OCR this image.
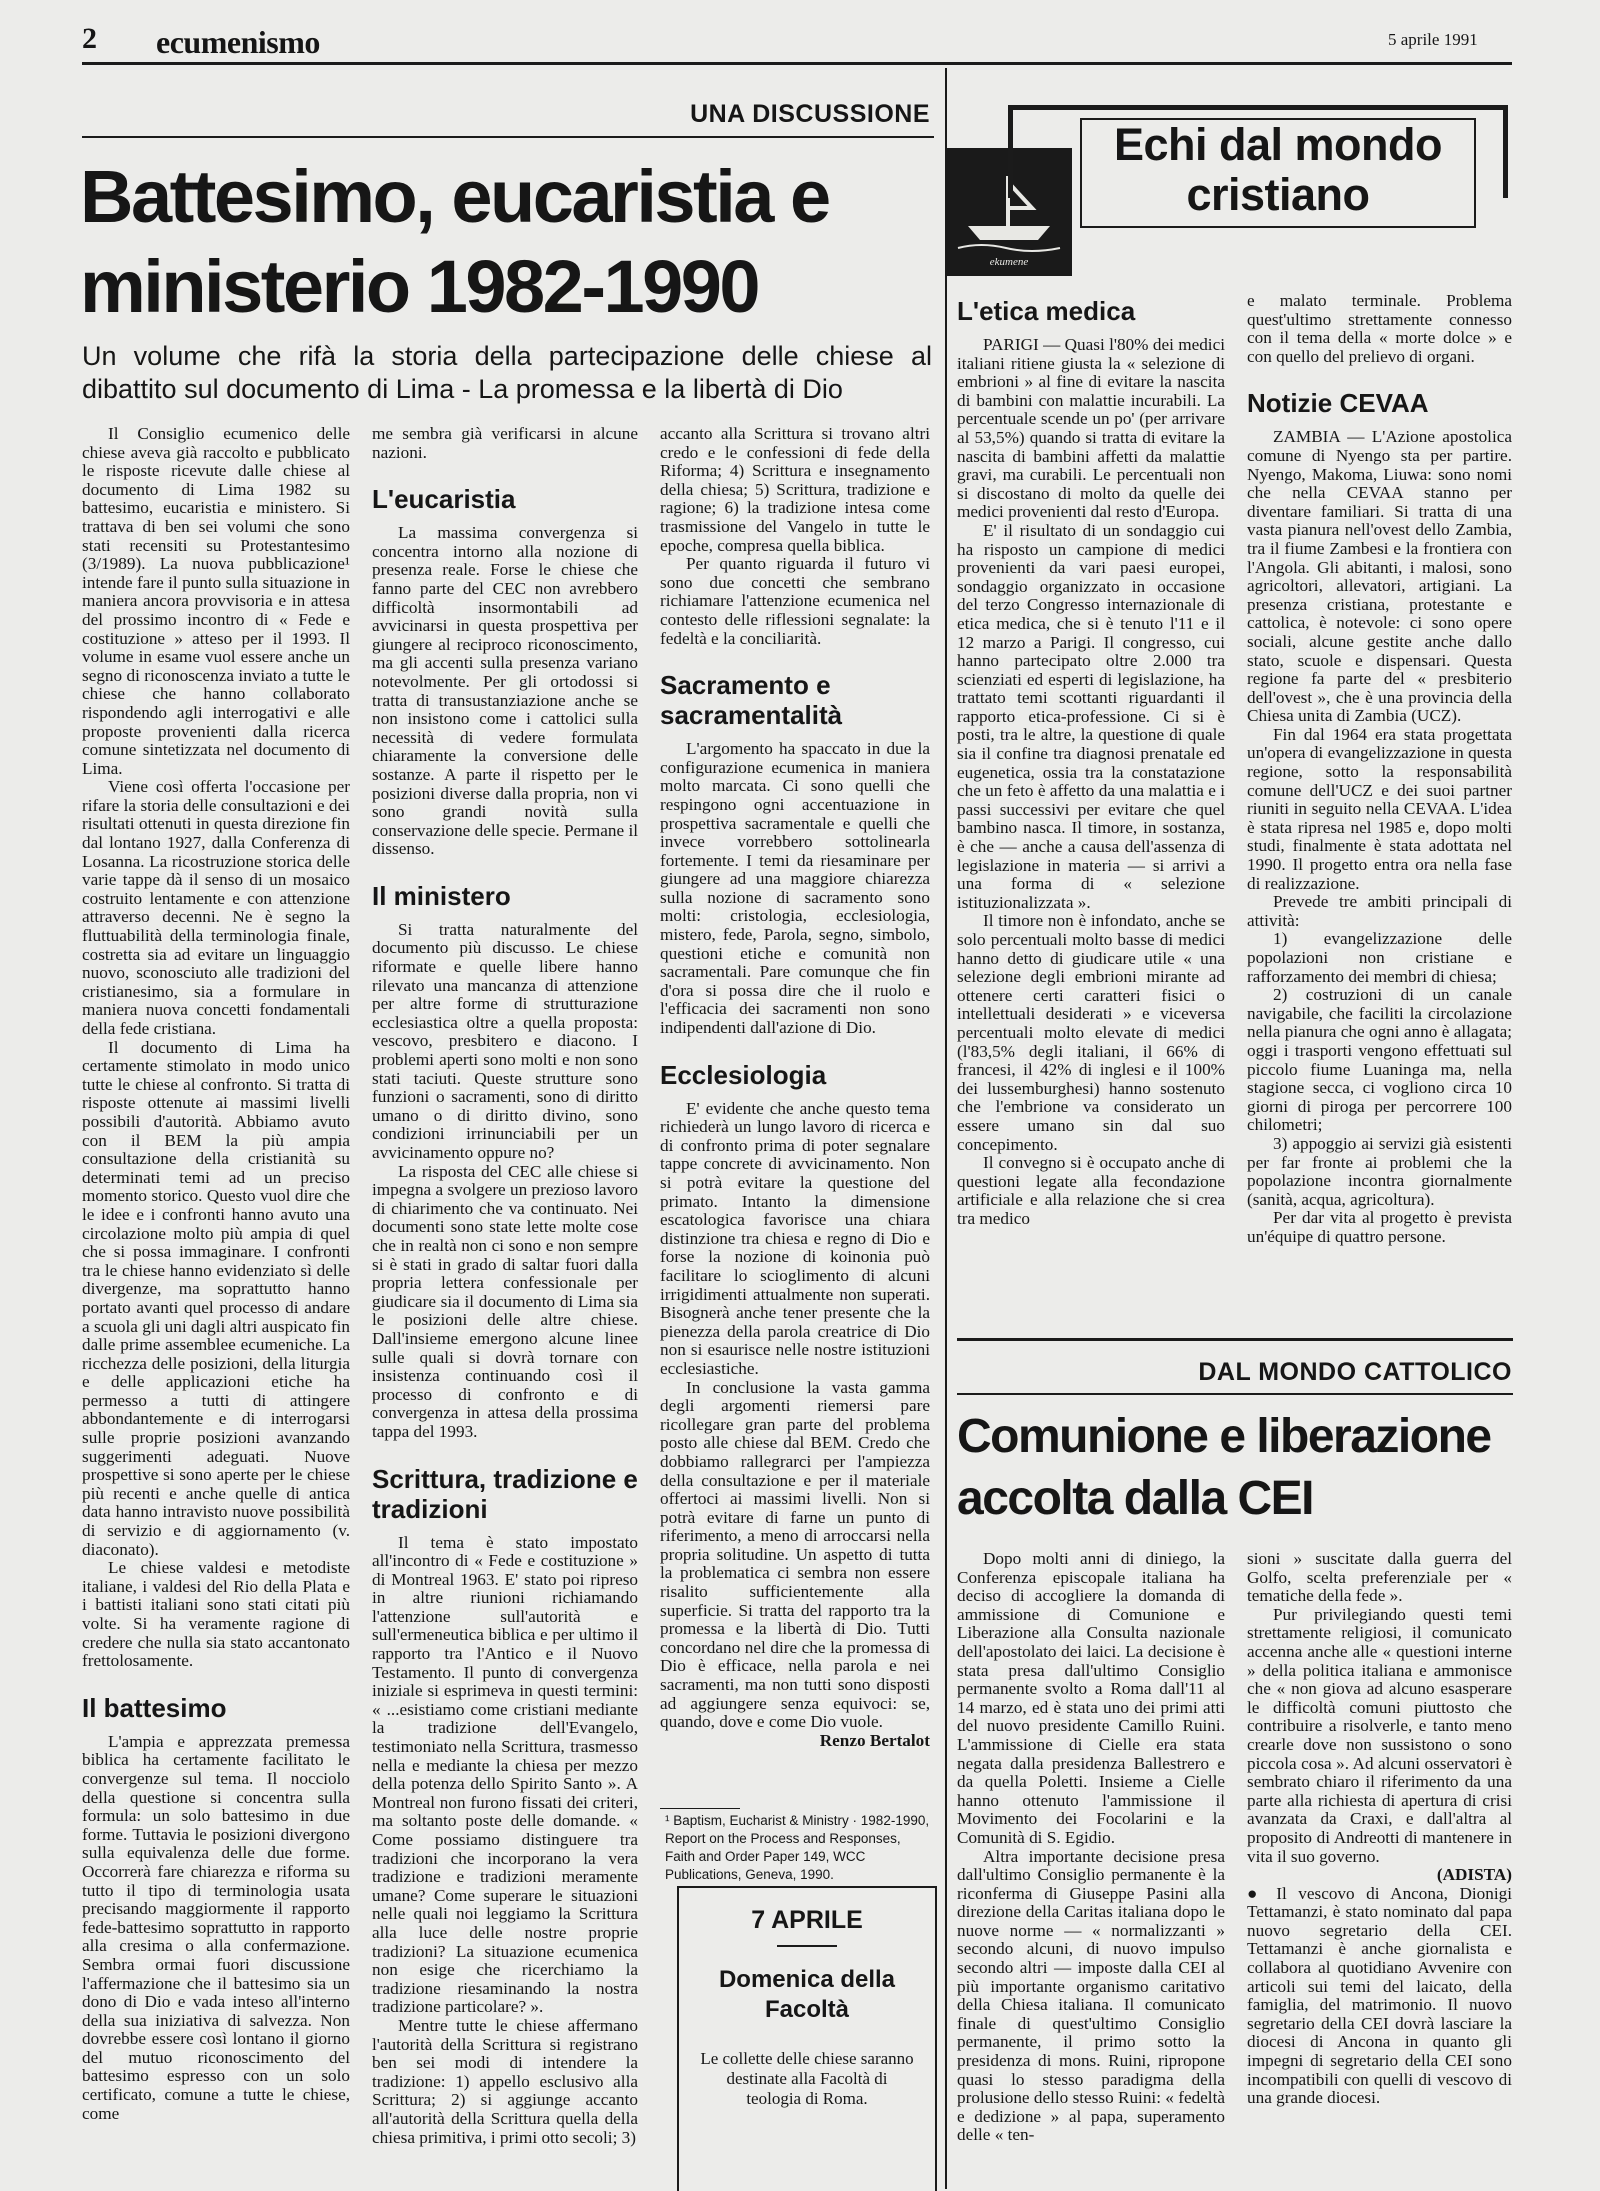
2 ecumenismo	5 aprile 1991
UNA DISCUSSIONE
Battesimo, eucaristia e ministerio 1982-1990
Un volume che rifà la storia della partecipazione delle chiese al dibattito sul documento di Lima - La promessa e la libertà di Dio

Il Consiglio ecumenico delle chiese aveva già raccolto e pubblicato le risposte ricevute dalle chiese al documento di Lima 1982 su battesimo, eucaristia e ministero. Si trattava di ben sei volumi che sono stati recensiti su Protestantesimo (3/1989). La nuova pubblicazione¹ intende fare il punto sulla situazione in maniera ancora provvisoria e in attesa del prossimo incontro di « Fede e costituzione » atteso per il 1993. Il volume in esame vuol essere anche un segno di riconoscenza inviato a tutte le chiese che hanno collaborato rispondendo agli interrogativi e alle proposte provenienti dalla ricerca comune sintetizzata nel documento di Lima.

Viene così offerta l'occasione per rifare la storia delle consultazioni e dei risultati ottenuti in questa direzione fin dal lontano 1927, dalla Conferenza di Losanna. La ricostruzione storica delle varie tappe dà il senso di un mosaico costruito lentamente e con attenzione attraverso decenni. Ne è segno la fluttuabilità della terminologia finale, costretta sia ad evitare un linguaggio nuovo, sconosciuto alle tradizioni del cristianesimo, sia a formulare in maniera nuova concetti fondamentali della fede cristiana.

Il documento di Lima ha certamente stimolato in modo unico tutte le chiese al confronto. Si tratta di risposte ottenute ai massimi livelli possibili d'autorità. Abbiamo avuto con il BEM la più ampia consultazione della cristianità su determinati temi ad un preciso momento storico. Questo vuol dire che le idee e i confronti hanno avuto una circolazione molto più ampia di quel che si possa immaginare. I confronti tra le chiese hanno evidenziato sì delle divergenze, ma soprattutto hanno portato avanti quel processo di andare a scuola gli uni dagli altri auspicato fin dalle prime assemblee ecumeniche. La ricchezza delle posizioni, della liturgia e delle applicazioni etiche ha permesso a tutti di attingere abbondantemente e di interrogarsi sulle proprie posizioni avanzando suggerimenti adeguati. Nuove prospettive si sono aperte per le chiese più recenti e anche quelle di antica data hanno intravisto nuove possibilità di servizio e di aggiornamento (v. diaconato).

Le chiese valdesi e metodiste italiane, i valdesi del Rio della Plata e i battisti italiani sono stati citati più volte. Si ha veramente ragione di credere che nulla sia stato accantonato frettolosamente.

Il battesimo

L'ampia e apprezzata premessa biblica ha certamente facilitato le convergenze sul tema. Il nocciolo della questione si concentra sulla formula: un solo battesimo in due forme. Tuttavia le posizioni divergono sulla equivalenza delle due forme. Occorrerà fare chiarezza e riforma su tutto il tipo di terminologia usata precisando maggiormente il rapporto fede-battesimo soprattutto in rapporto alla cresima o alla confermazione. Sembra ormai fuori discussione l'affermazione che il battesimo sia un dono di Dio e vada inteso all'interno della sua iniziativa di salvezza. Non dovrebbe essere così lontano il giorno del mutuo riconoscimento del battesimo espresso con un solo certificato, comune a tutte le chiese, come

me sembra già verificarsi in alcune nazioni.

L'eucaristia

La massima convergenza si concentra intorno alla nozione di presenza reale. Forse le chiese che fanno parte del CEC non avrebbero difficoltà insormontabili ad avvicinarsi in questa prospettiva per giungere al reciproco riconoscimento, ma gli accenti sulla presenza variano notevolmente. Per gli ortodossi si tratta di transustanziazione anche se non insistono come i cattolici sulla necessità di vedere formulata chiaramente la conversione delle sostanze. A parte il rispetto per le posizioni diverse dalla propria, non vi sono grandi novità sulla conservazione delle specie. Permane il dissenso.

Il ministero

Si tratta naturalmente del documento più discusso. Le chiese riformate e quelle libere hanno rilevato una mancanza di attenzione per altre forme di strutturazione ecclesiastica oltre a quella proposta: vescovo, presbitero e diacono. I problemi aperti sono molti e non sono stati taciuti. Queste strutture sono funzioni o sacramenti, sono di diritto umano o di diritto divino, sono condizioni irrinunciabili per un avvicinamento oppure no?

La risposta del CEC alle chiese si impegna a svolgere un prezioso lavoro di chiarimento che va continuato. Nei documenti sono state lette molte cose che in realtà non ci sono e non sempre si è stati in grado di saltar fuori dalla propria lettera confessionale per giudicare sia il documento di Lima sia le posizioni delle altre chiese. Dall'insieme emergono alcune linee sulle quali si dovrà tornare con insistenza continuando così il processo di confronto e di convergenza in attesa della prossima tappa del 1993.

Scrittura, tradizione e tradizioni

Il tema è stato impostato all'incontro di « Fede e costituzione » di Montreal 1963. E' stato poi ripreso in altre riunioni richiamando l'attenzione sull'autorità e sull'ermeneutica biblica e per ultimo il rapporto tra l'Antico e il Nuovo Testamento. Il punto di convergenza iniziale si esprimeva in questi termini: « ...esistiamo come cristiani mediante la tradizione dell'Evangelo, testimoniato nella Scrittura, trasmesso nella e mediante la chiesa per mezzo della potenza dello Spirito Santo ». A Montreal non furono fissati dei criteri, ma soltanto poste delle domande. « Come possiamo distinguere tra tradizioni che incorporano la vera tradizione e tradizioni meramente umane? Come superare le situazioni nelle quali noi leggiamo la Scrittura alla luce delle nostre proprie tradizioni? La situazione ecumenica non esige che ricerchiamo la tradizione riesaminando la nostra tradizione particolare? ».

Mentre tutte le chiese affermano l'autorità della Scrittura si registrano ben sei modi di intendere la tradizione: 1) appello esclusivo alla Scrittura; 2) si aggiunge accanto all'autorità della Scrittura quella della chiesa primitiva, i primi otto secoli; 3)

accanto alla Scrittura si trovano altri credo e le confessioni di fede della Riforma; 4) Scrittura e insegnamento della chiesa; 5) Scrittura, tradizione e ragione; 6) la tradizione intesa come trasmissione del Vangelo in tutte le epoche, compresa quella biblica.

Per quanto riguarda il futuro vi sono due concetti che sembrano richiamare l'attenzione ecumenica nel contesto delle riflessioni segnalate: la fedeltà e la conciliarità.

Sacramento e sacramentalità

L'argomento ha spaccato in due la configurazione ecumenica in maniera molto marcata. Ci sono quelli che respingono ogni accentuazione in prospettiva sacramentale e quelli che invece vorrebbero sottolinearla fortemente. I temi da riesaminare per giungere ad una maggiore chiarezza sulla nozione di sacramento sono molti: cristologia, ecclesiologia, mistero, fede, Parola, segno, simbolo, questioni etiche e comunità non sacramentali. Pare comunque che fin d'ora si possa dire che il ruolo e l'efficacia dei sacramenti non sono indipendenti dall'azione di Dio.

Ecclesiologia

E' evidente che anche questo tema richiederà un lungo lavoro di ricerca e di confronto prima di poter segnalare tappe concrete di avvicinamento. Non si potrà evitare la questione del primato. Intanto la dimensione escatologica favorisce una chiara distinzione tra chiesa e regno di Dio e forse la nozione di koinonia può facilitare lo scioglimento di alcuni irrigidimenti attualmente non superati. Bisognerà anche tener presente che la pienezza della parola creatrice di Dio non si esaurisce nelle nostre istituzioni ecclesiastiche.

In conclusione la vasta gamma degli argomenti riemersi pare ricollegare gran parte del problema posto alle chiese dal BEM. Credo che dobbiamo rallegrarci per l'ampiezza della consultazione e per il materiale offertoci ai massimi livelli. Non si potrà evitare di farne un punto di riferimento, a meno di arroccarsi nella propria solitudine. Un aspetto di tutta la problematica ci sembra non essere risalito sufficientemente alla superficie. Si tratta del rapporto tra la promessa e la libertà di Dio. Tutti concordano nel dire che la promessa di Dio è efficace, nella parola e nei sacramenti, ma non tutti sono disposti ad aggiungere senza equivoci: se, quando, dove e come Dio vuole.

Renzo Bertalot

¹ Baptism, Eucharist & Ministry · 1982-1990, Report on the Process and Responses, Faith and Order Paper 149, WCC Publications, Geneva, 1990.
7 APRILE
Domenica della Facoltà
Le collette delle chiese saranno destinate alla Facoltà di teologia di Roma.
ekumene
Echi dal mondo cristiano
L'etica medica

PARIGI — Quasi l'80% dei medici italiani ritiene giusta la « selezione di embrioni » al fine di evitare la nascita di bambini con malattie incurabili. La percentuale scende un po' (per arrivare al 53,5%) quando si tratta di evitare la nascita di bambini affetti da malattie gravi, ma curabili. Le percentuali non si discostano di molto da quelle dei medici provenienti dal resto d'Europa.

E' il risultato di un sondaggio cui ha risposto un campione di medici provenienti da vari paesi europei, sondaggio organizzato in occasione del terzo Congresso internazionale di etica medica, che si è tenuto l'11 e il 12 marzo a Parigi. Il congresso, cui hanno partecipato oltre 2.000 tra scienziati ed esperti di legislazione, ha trattato temi scottanti riguardanti il rapporto etica-professione. Ci si è posti, tra le altre, la questione di quale sia il confine tra diagnosi prenatale ed eugenetica, ossia tra la constatazione che un feto è affetto da una malattia e i passi successivi per evitare che quel bambino nasca. Il timore, in sostanza, è che — anche a causa dell'assenza di legislazione in materia — si arrivi a una forma di « selezione istituzionalizzata ».

Il timore non è infondato, anche se solo percentuali molto basse di medici hanno detto di giudicare utile « una selezione degli embrioni mirante ad ottenere certi caratteri fisici o intellettuali desiderati » e viceversa percentuali molto elevate di medici (l'83,5% degli italiani, il 66% di francesi, il 42% di inglesi e il 100% dei lussemburghesi) hanno sostenuto che l'embrione va considerato un essere umano sin dal suo concepimento.

Il convegno si è occupato anche di questioni legate alla fecondazione artificiale e alla relazione che si crea tra medico

e malato terminale. Problema quest'ultimo strettamente connesso con il tema della « morte dolce » e con quello del prelievo di organi.

Notizie CEVAA

ZAMBIA — L'Azione apostolica comune di Nyengo sta per partire. Nyengo, Makoma, Liuwa: sono nomi che nella CEVAA stanno per diventare familiari. Si tratta di una vasta pianura nell'ovest dello Zambia, tra il fiume Zambesi e la frontiera con l'Angola. Gli abitanti, i malosi, sono agricoltori, allevatori, artigiani. La presenza cristiana, protestante e cattolica, è notevole: ci sono opere sociali, alcune gestite anche dallo stato, scuole e dispensari. Questa regione fa parte del « presbiterio dell'ovest », che è una provincia della Chiesa unita di Zambia (UCZ).

Fin dal 1964 era stata progettata un'opera di evangelizzazione in questa regione, sotto la responsabilità comune dell'UCZ e dei suoi partner riuniti in seguito nella CEVAA. L'idea è stata ripresa nel 1985 e, dopo molti studi, finalmente è stata adottata nel 1990. Il progetto entra ora nella fase di realizzazione.

Prevede tre ambiti principali di attività:

1) evangelizzazione delle popolazioni non cristiane e rafforzamento dei membri di chiesa;

2) costruzioni di un canale navigabile, che faciliti la circolazione nella pianura che ogni anno è allagata; oggi i trasporti vengono effettuati sul piccolo fiume Luaninga ma, nella stagione secca, ci vogliono circa 10 giorni di piroga per percorrere 100 chilometri;

3) appoggio ai servizi già esistenti per far fronte ai problemi che la popolazione incontra giornalmente (sanità, acqua, agricoltura).

Per dar vita al progetto è prevista un'équipe di quattro persone.

DAL MONDO CATTOLICO
Comunione e liberazione accolta dalla CEI

Dopo molti anni di diniego, la Conferenza episcopale italiana ha deciso di accogliere la domanda di ammissione di Comunione e Liberazione alla Consulta nazionale dell'apostolato dei laici. La decisione è stata presa dall'ultimo Consiglio permanente svolto a Roma dall'11 al 14 marzo, ed è stata uno dei primi atti del nuovo presidente Camillo Ruini. L'ammissione di Cielle era stata negata dalla presidenza Ballestrero e da quella Poletti. Insieme a Cielle hanno ottenuto l'ammissione il Movimento dei Focolarini e la Comunità di S. Egidio.

Altra importante decisione presa dall'ultimo Consiglio permanente è la riconferma di Giuseppe Pasini alla direzione della Caritas italiana dopo le nuove norme — « normalizzanti » secondo alcuni, di nuovo impulso secondo altri — imposte dalla CEI al più importante organismo caritativo della Chiesa italiana. Il comunicato finale di quest'ultimo Consiglio permanente, il primo sotto la presidenza di mons. Ruini, ripropone quasi lo stesso paradigma della prolusione dello stesso Ruini: « fedeltà e dedizione » al papa, superamento delle « ten-

sioni » suscitate dalla guerra del Golfo, scelta preferenziale per « tematiche della fede ».

Pur privilegiando questi temi strettamente religiosi, il comunicato accenna anche alle « questioni interne » della politica italiana e ammonisce che « non giova ad alcuno esasperare le difficoltà comuni piuttosto che contribuire a risolverle, e tanto meno crearle dove non sussistono o sono piccola cosa ». Ad alcuni osservatori è sembrato chiaro il riferimento da una parte alla richiesta di apertura di crisi avanzata da Craxi, e dall'altra al proposito di Andreotti di mantenere in vita il suo governo.

(ADISTA)

● Il vescovo di Ancona, Dionigi Tettamanzi, è stato nominato dal papa nuovo segretario della CEI. Tettamanzi è anche giornalista e collabora al quotidiano Avvenire con articoli sui temi del laicato, della famiglia, del matrimonio. Il nuovo segretario della CEI dovrà lasciare la diocesi di Ancona in quanto gli impegni di segretario della CEI sono incompatibili con quelli di vescovo di una grande diocesi.
